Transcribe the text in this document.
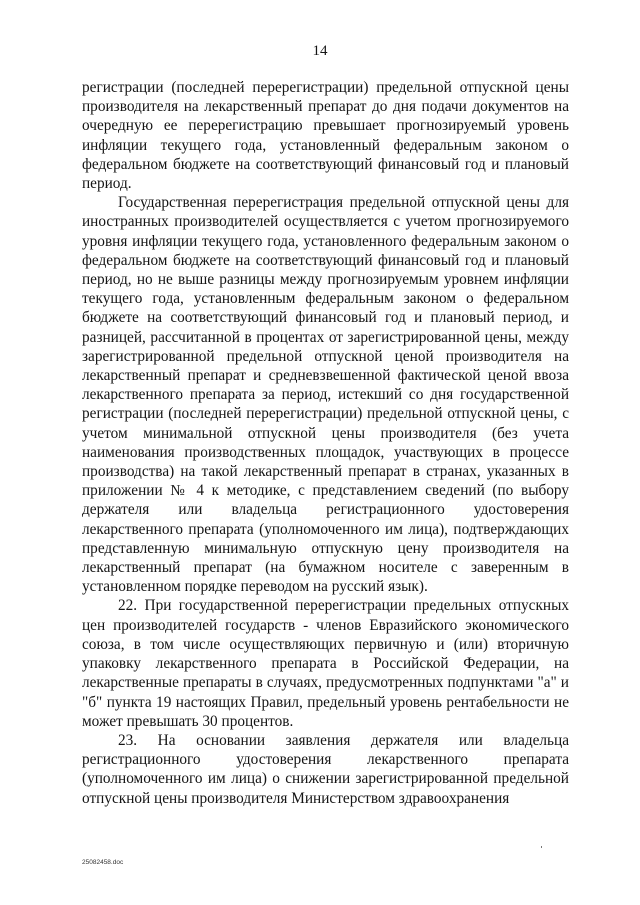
14

регистрации (последней перерегистрации) предельной отпускной цены производителя на лекарственный препарат до дня подачи документов на очередную ее перерегистрацию превышает прогнозируемый уровень инфляции текущего года, установленный федеральным законом о федеральном бюджете на соответствующий финансовый год и плановый период.

Государственная перерегистрация предельной отпускной цены для иностранных производителей осуществляется с учетом прогнозируемого уровня инфляции текущего года, установленного федеральным законом о федеральном бюджете на соответствующий финансовый год и плановый период, но не выше разницы между прогнозируемым уровнем инфляции текущего года, установленным федеральным законом о федеральном бюджете на соответствующий финансовый год и плановый период, и разницей, рассчитанной в процентах от зарегистрированной цены, между зарегистрированной предельной отпускной ценой производителя на лекарственный препарат и средневзвешенной фактической ценой ввоза лекарственного препарата за период, истекший со дня государственной регистрации (последней перерегистрации) предельной отпускной цены, с учетом минимальной отпускной цены производителя (без учета наименования производственных площадок, участвующих в процессе производства) на такой лекарственный препарат в странах, указанных в приложении № 4 к методике, с представлением сведений (по выбору держателя или владельца регистрационного удостоверения лекарственного препарата (уполномоченного им лица), подтверждающих представленную минимальную отпускную цену производителя на лекарственный препарат (на бумажном носителе с заверенным в установленном порядке переводом на русский язык).

22. При государственной перерегистрации предельных отпускных цен производителей государств - членов Евразийского экономического союза, в том числе осуществляющих первичную и (или) вторичную упаковку лекарственного препарата в Российской Федерации, на лекарственные препараты в случаях, предусмотренных подпунктами "а" и "б" пункта 19 настоящих Правил, предельный уровень рентабельности не может превышать 30 процентов.

23. На основании заявления держателя или владельца регистрационного удостоверения лекарственного препарата (уполномоченного им лица) о снижении зарегистрированной предельной отпускной цены производителя Министерством здравоохранения

25082458.doc
